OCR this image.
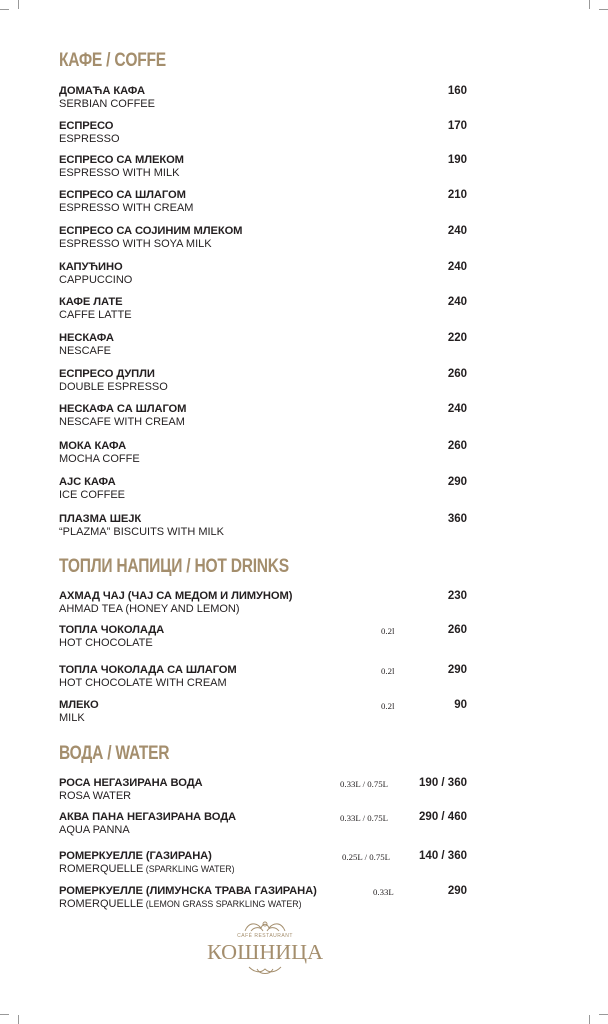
КАФЕ / COFFE
ДОМАЋА КАФА
SERBIAN COFFEE
160
ЕСПРЕСО
ESPRESSO
170
ЕСПРЕСО СА МЛЕКОМ
ESPRESSO WITH MILK
190
ЕСПРЕСО СА ШЛАГОМ
ESPRESSO WITH CREAM
210
ЕСПРЕСО СА СОЈИНИМ МЛЕКОМ
ESPRESSO WITH SOYA MILK
240
КАПУЋИНО
CAPPUCCINO
240
КАФЕ ЛАТЕ
CAFFE LATTE
240
НЕСКАФА
NESCAFE
220
ЕСПРЕСО ДУПЛИ
DOUBLE ESPRESSO
260
НЕСКАФА СА ШЛАГОМ
NESCAFE WITH CREAM
240
МОКА КАФА
MOCHA COFFE
260
АЈС КАФА
ICE COFFEE
290
ПЛАЗМА ШЕЈК
“PLAZMA” BISCUITS WITH MILK
360
ТОПЛИ НАПИЦИ / HOT DRINKS
АХМАД ЧАЈ (ЧАЈ СА МЕДОМ И ЛИМУНОМ)
AHMAD TEA (HONEY AND LEMON)
230
ТОПЛА ЧОКОЛАДА
HOT CHOCOLATE
0.2l	260
ТОПЛА ЧОКОЛАДА СА ШЛАГОМ
HOT CHOCOLATE WITH CREAM
0.2l	290
МЛЕКО
MILK
0.2l	90
ВОДА / WATER
РОСА НЕГАЗИРАНА ВОДА
ROSA WATER
0.33L / 0.75L	190 / 360
АКВА ПАНА НЕГАЗИРАНА ВОДА
AQUA PANNA
0.33L / 0.75L	290 / 460
РОМЕРКУЕЛЛЕ (ГАЗИРАНА)
ROMERQUELLE (SPARKLING WATER)
0.25L / 0.75L	140 / 360
РОМЕРКУЕЛЛЕ (ЛИМУНСКА ТРАВА ГАЗИРАНА)
ROMERQUELLE (LEMON GRASS SPARKLING WATER)
0.33L	290
CAFÉ RESTAURANT
КОШНИЦА
